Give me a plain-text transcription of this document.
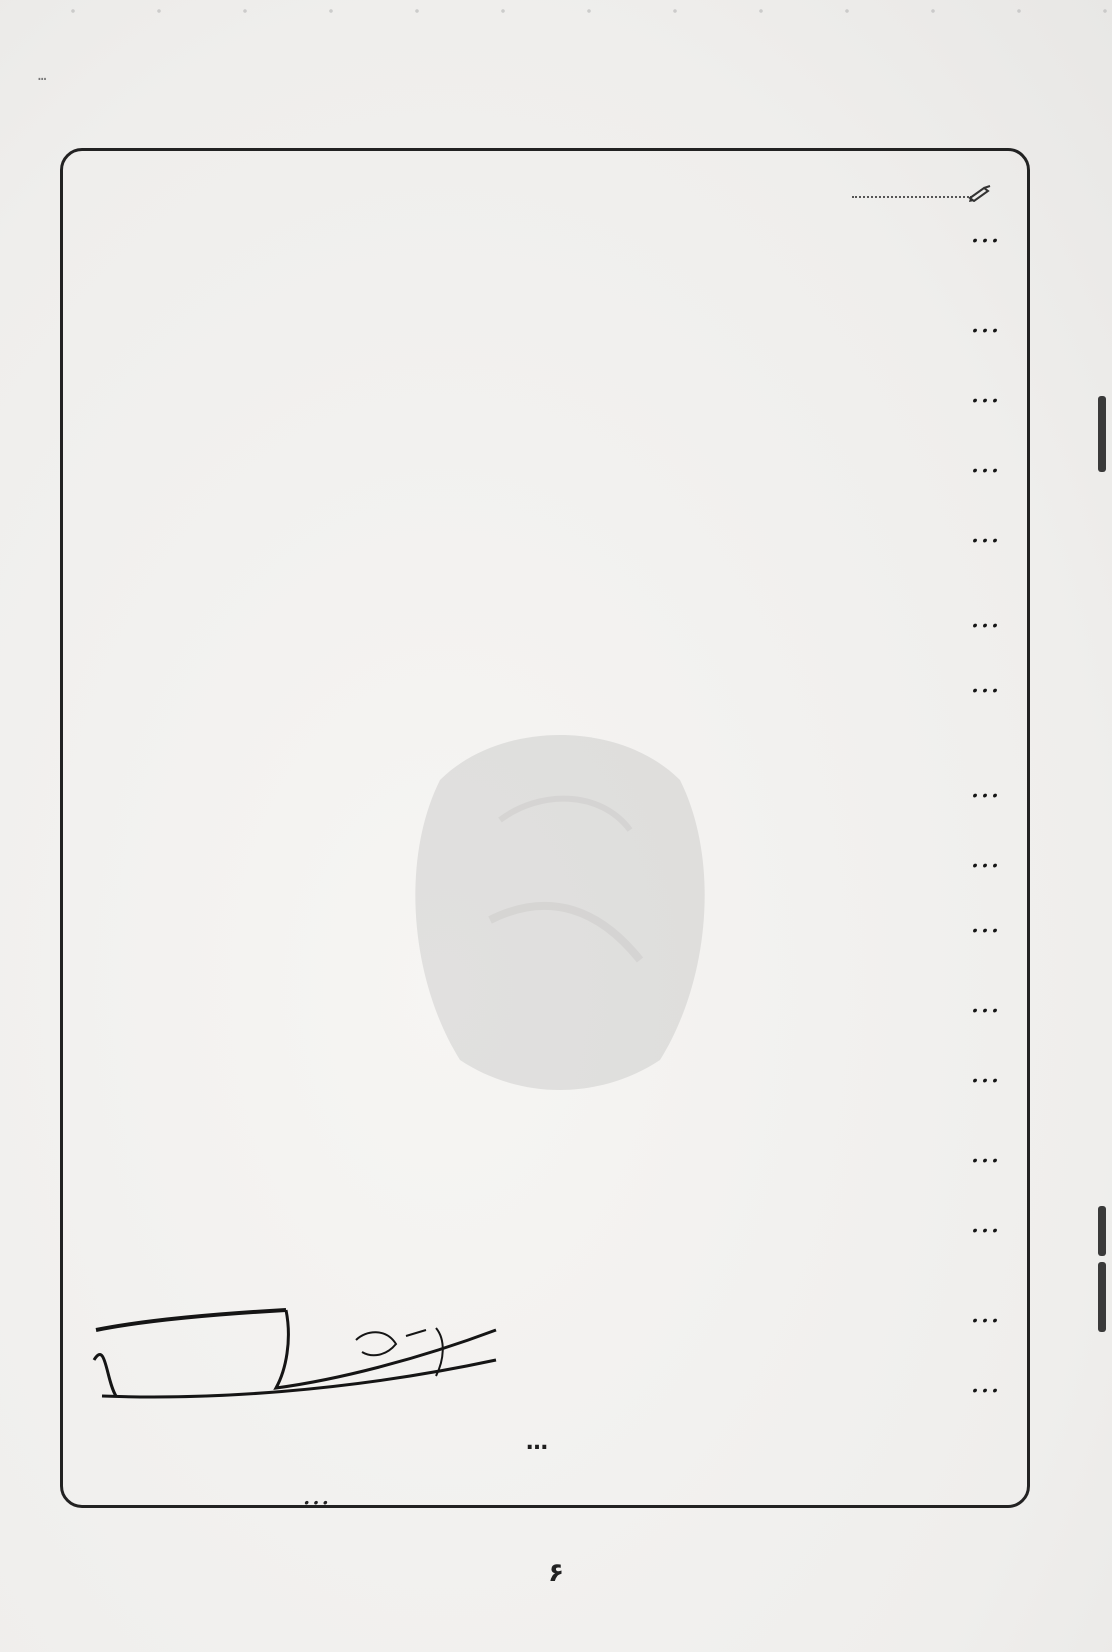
…
…
…
…
…
…
…
…
…
…
…
…
…
…
…
…
…
…
…
۶
